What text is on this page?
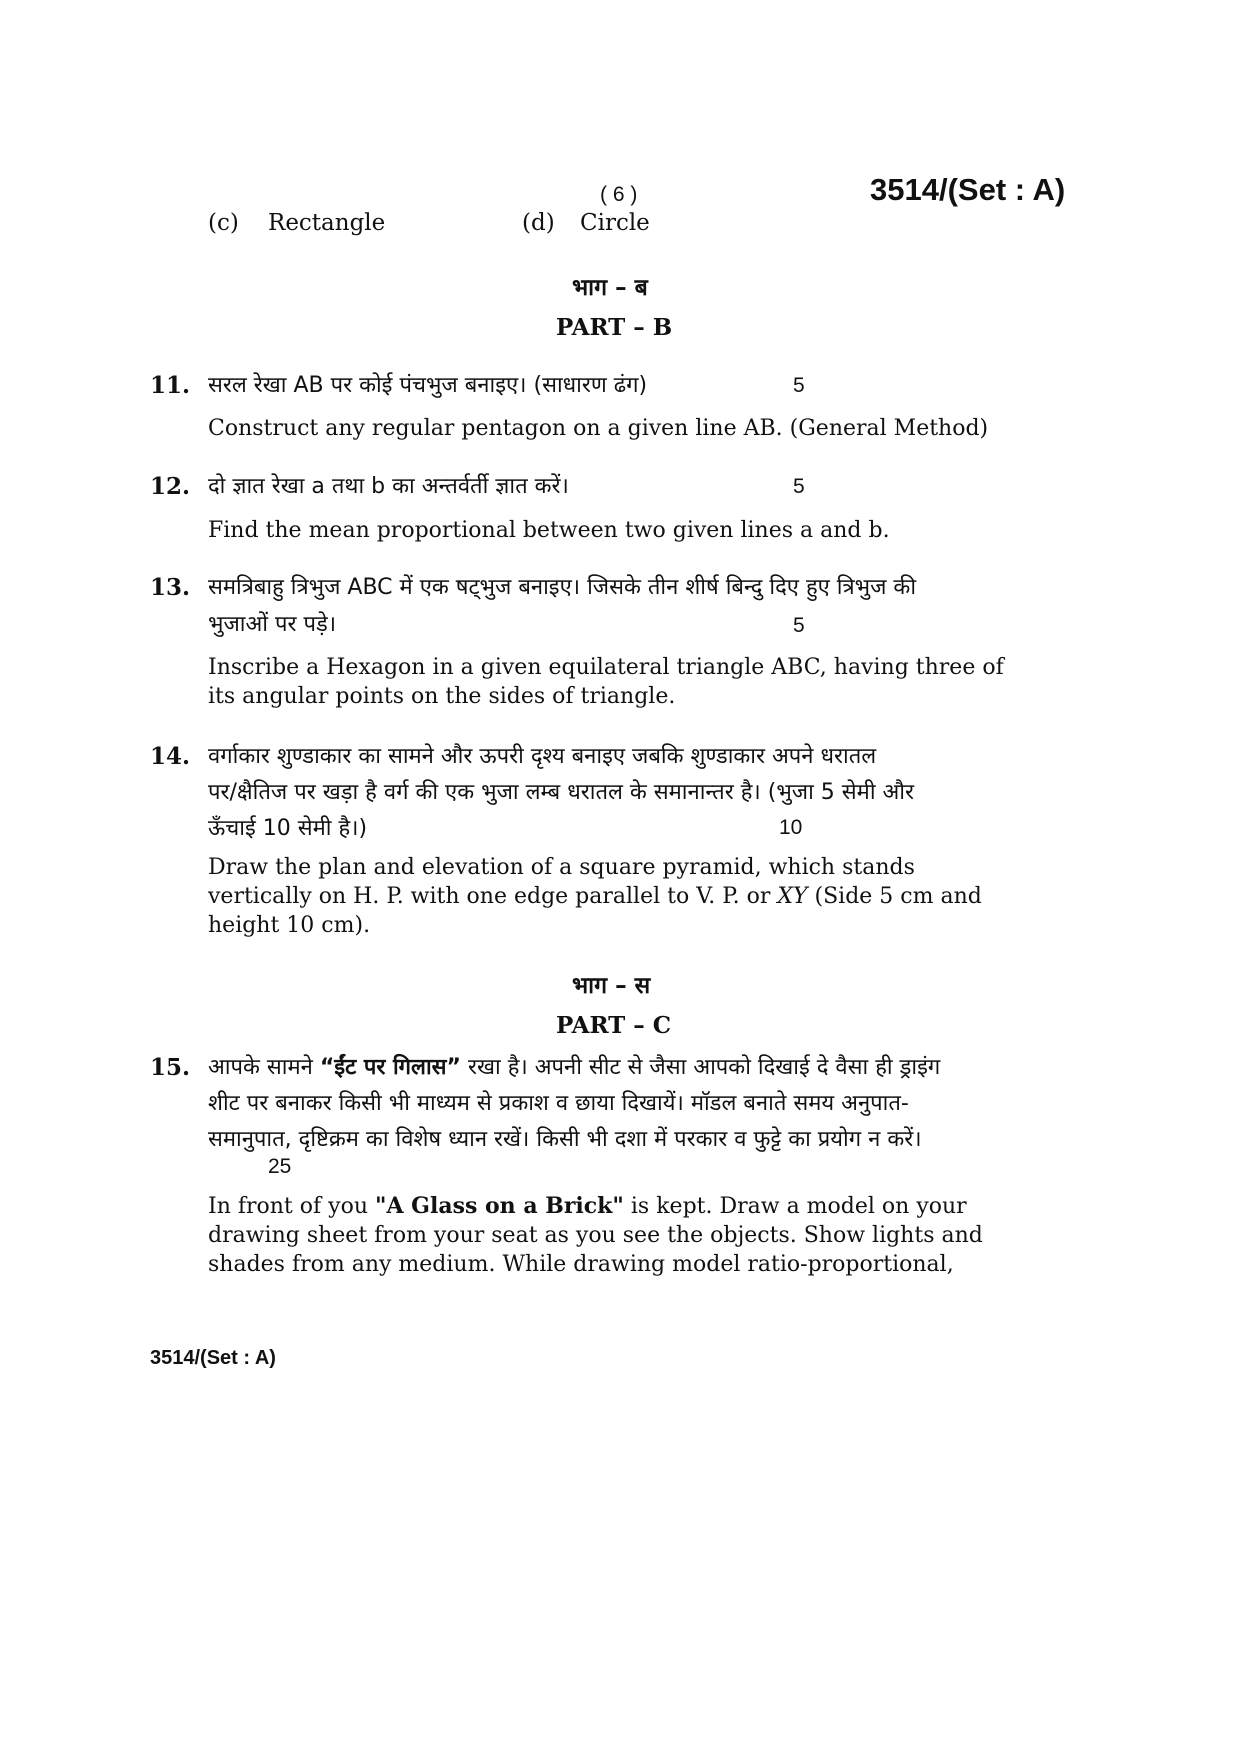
( 6 )	3514/(Set : A)
(c) Rectangle	(d) Circle
भाग – ब
PART – B
11. सरल रेखा AB पर कोई पंचभुज बनाइए। (साधारण ढंग)	5
Construct any regular pentagon on a given line AB. (General Method)
12. दो ज्ञात रेखा a तथा b का अन्तर्वर्ती ज्ञात करें।	5
Find the mean proportional between two given lines a and b.
13. समत्रिबाहु त्रिभुज ABC में एक षट्भुज बनाइए। जिसके तीन शीर्ष बिन्दु दिए हुए त्रिभुज की
भुजाओं पर पड़े।	5
Inscribe a Hexagon in a given equilateral triangle ABC, having three of
its angular points on the sides of triangle.
14. वर्गाकार शुण्डाकार का सामने और ऊपरी दृश्य बनाइए जबकि शुण्डाकार अपने धरातल
पर/क्षैतिज पर खड़ा है वर्ग की एक भुजा लम्ब धरातल के समानान्तर है। (भुजा 5 सेमी और
ऊँचाई 10 सेमी है।)	10
Draw the plan and elevation of a square pyramid, which stands
vertically on H. P. with one edge parallel to V. P. or XY (Side 5 cm and
height 10 cm).
भाग – स
PART – C
15. आपके सामने “ईंट पर गिलास” रखा है। अपनी सीट से जैसा आपको दिखाई दे वैसा ही ड्राइंग
शीट पर बनाकर किसी भी माध्यम से प्रकाश व छाया दिखायें। मॉडल बनाते समय अनुपात-
समानुपात, दृष्टिक्रम का विशेष ध्यान रखें। किसी भी दशा में परकार व फुट्टे का प्रयोग न करें।
25
In front of you "A Glass on a Brick" is kept. Draw a model on your
drawing sheet from your seat as you see the objects. Show lights and
shades from any medium. While drawing model ratio-proportional,
3514/(Set : A)
